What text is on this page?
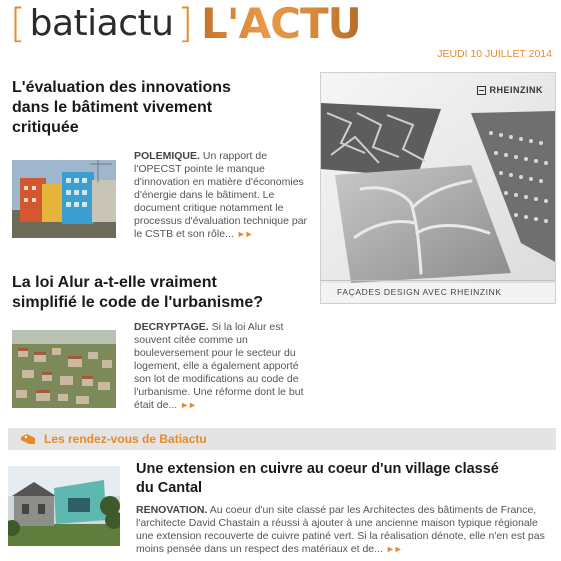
[ batiactu ] L'ACTU
JEUDI 10 JUILLET 2014
L'évaluation des innovations
dans le bâtiment vivement
critiquée
POLEMIQUE. Un rapport de l'OPECST pointe le manque d'innovation en matière d'économies d'énergie dans le bâtiment. Le document critique notamment le processus d'évaluation technique par le CSTB et son rôle... ►►
RHEINZINK
FAÇADES DESIGN AVEC RHEINZINK
La loi Alur a-t-elle vraiment
simplifié le code de l'urbanisme?
DECRYPTAGE. Si la loi Alur est souvent citée comme un bouleversement pour le secteur du logement, elle a également apporté son lot de modifications au code de l'urbanisme. Une réforme dont le but était de... ►►
Les rendez-vous de Batiactu
Une extension en cuivre au coeur d'un village classé
du Cantal
RENOVATION. Au coeur d'un site classé par les Architectes des bâtiments de France, l'architecte David Chastain a réussi à ajouter à une ancienne maison typique régionale une extension recouverte de cuivre patiné vert. Si la réalisation dénote, elle n'en est pas moins pensée dans un respect des matériaux et de... ►►
